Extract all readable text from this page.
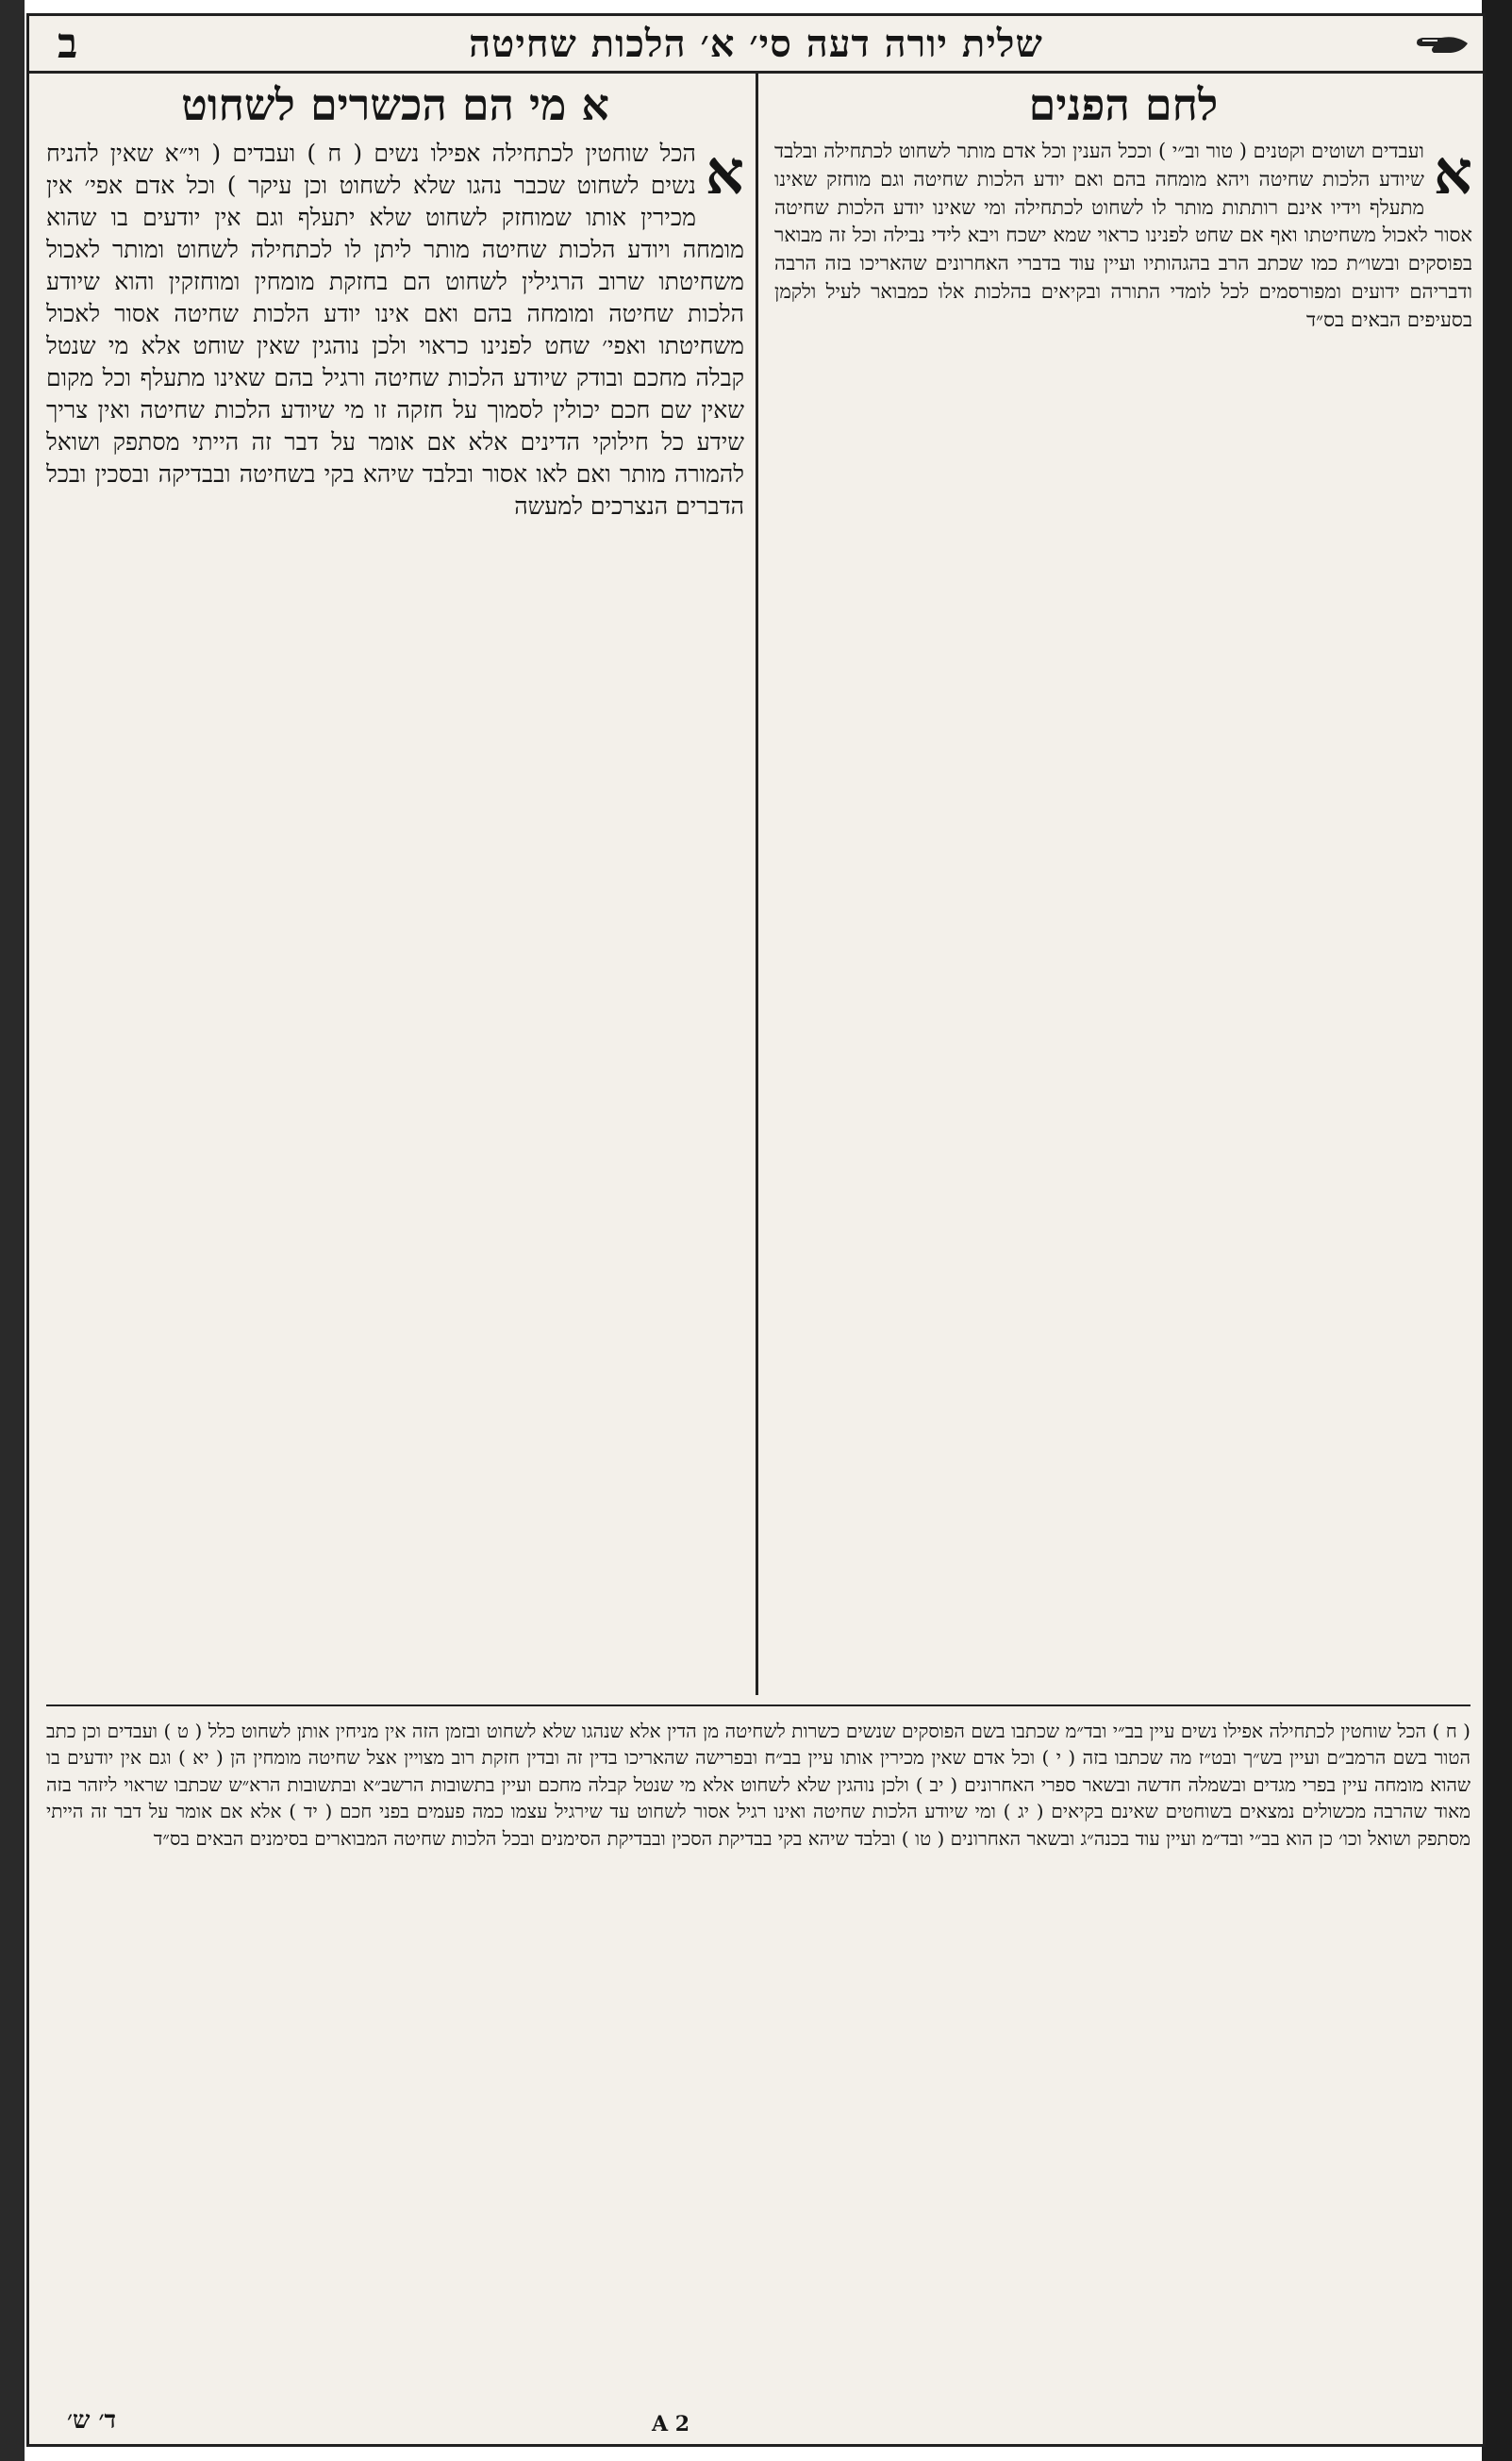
שלית יורה דעה סי׳ א׳ הלכות שחיטה
ב
לחם הפנים
א

ועבדים ושוטים וקטנים ( טור וב״י ) וככל הענין וכל אדם מותר לשחוט לכתחילה ובלבד שיודע הלכות שחיטה ויהא מומחה בהם ואם יודע הלכות שחיטה וגם מוחזק שאינו מתעלף וידיו אינם רותתות מותר לו לשחוט לכתחילה ומי שאינו יודע הלכות שחיטה אסור לאכול משחיטתו ואף אם שחט לפנינו כראוי שמא ישכח ויבא לידי נבילה וכל זה מבואר בפוסקים ובשו״ת כמו שכתב הרב בהגהותיו ועיין עוד בדברי האחרונים שהאריכו בזה הרבה ודבריהם ידועים ומפורסמים לכל לומדי התורה ובקיאים בהלכות אלו כמבואר לעיל ולקמן בסעיפים הבאים בס״ד

א מי הם הכשרים לשחוט
א

הכל שוחטין לכתחילה אפילו נשים ( ח ) ועבדים ( וי״א שאין להניח נשים לשחוט שכבר נהגו שלא לשחוט וכן עיקר ) וכל אדם אפי׳ אין מכירין אותו שמוחזק לשחוט שלא יתעלף וגם אין יודעים בו שהוא מומחה ויודע הלכות שחיטה מותר ליתן לו לכתחילה לשחוט ומותר לאכול משחיטתו שרוב הרגילין לשחוט הם בחזקת מומחין ומוחזקין והוא שיודע הלכות שחיטה ומומחה בהם ואם אינו יודע הלכות שחיטה אסור לאכול משחיטתו ואפי׳ שחט לפנינו כראוי ולכן נוהגין שאין שוחט אלא מי שנטל קבלה מחכם ובודק שיודע הלכות שחיטה ורגיל בהם שאינו מתעלף וכל מקום שאין שם חכם יכולין לסמוך על חזקה זו מי שיודע הלכות שחיטה ואין צריך שידע כל חילוקי הדינים אלא אם אומר על דבר זה הייתי מסתפק ושואל להמורה מותר ואם לאו אסור ובלבד שיהא בקי בשחיטה ובבדיקה ובסכין ובכל הדברים הנצרכים למעשה

( ח ) הכל שוחטין לכתחילה אפילו נשים עיין בב״י ובד״מ שכתבו בשם הפוסקים שנשים כשרות לשחיטה מן הדין אלא שנהגו שלא לשחוט ובזמן הזה אין מניחין אותן לשחוט כלל ( ט ) ועבדים וכן כתב הטור בשם הרמב״ם ועיין בש״ך ובט״ז מה שכתבו בזה ( י ) וכל אדם שאין מכירין אותו עיין בב״ח ובפרישה שהאריכו בדין זה ובדין חזקת רוב מצויין אצל שחיטה מומחין הן ( יא ) וגם אין יודעים בו שהוא מומחה עיין בפרי מגדים ובשמלה חדשה ובשאר ספרי האחרונים ( יב ) ולכן נוהגין שלא לשחוט אלא מי שנטל קבלה מחכם ועיין בתשובות הרשב״א ובתשובות הרא״ש שכתבו שראוי ליזהר בזה מאוד שהרבה מכשולים נמצאים בשוחטים שאינם בקיאים ( יג ) ומי שיודע הלכות שחיטה ואינו רגיל אסור לשחוט עד שירגיל עצמו כמה פעמים בפני חכם ( יד ) אלא אם אומר על דבר זה הייתי מסתפק ושואל וכו׳ כן הוא בב״י ובד״מ ועיין עוד בכנה״ג ובשאר האחרונים ( טו ) ובלבד שיהא בקי בבדיקת הסכין ובבדיקת הסימנים ובכל הלכות שחיטה המבוארים בסימנים הבאים בס״ד

A 2
ד׳ ש׳
